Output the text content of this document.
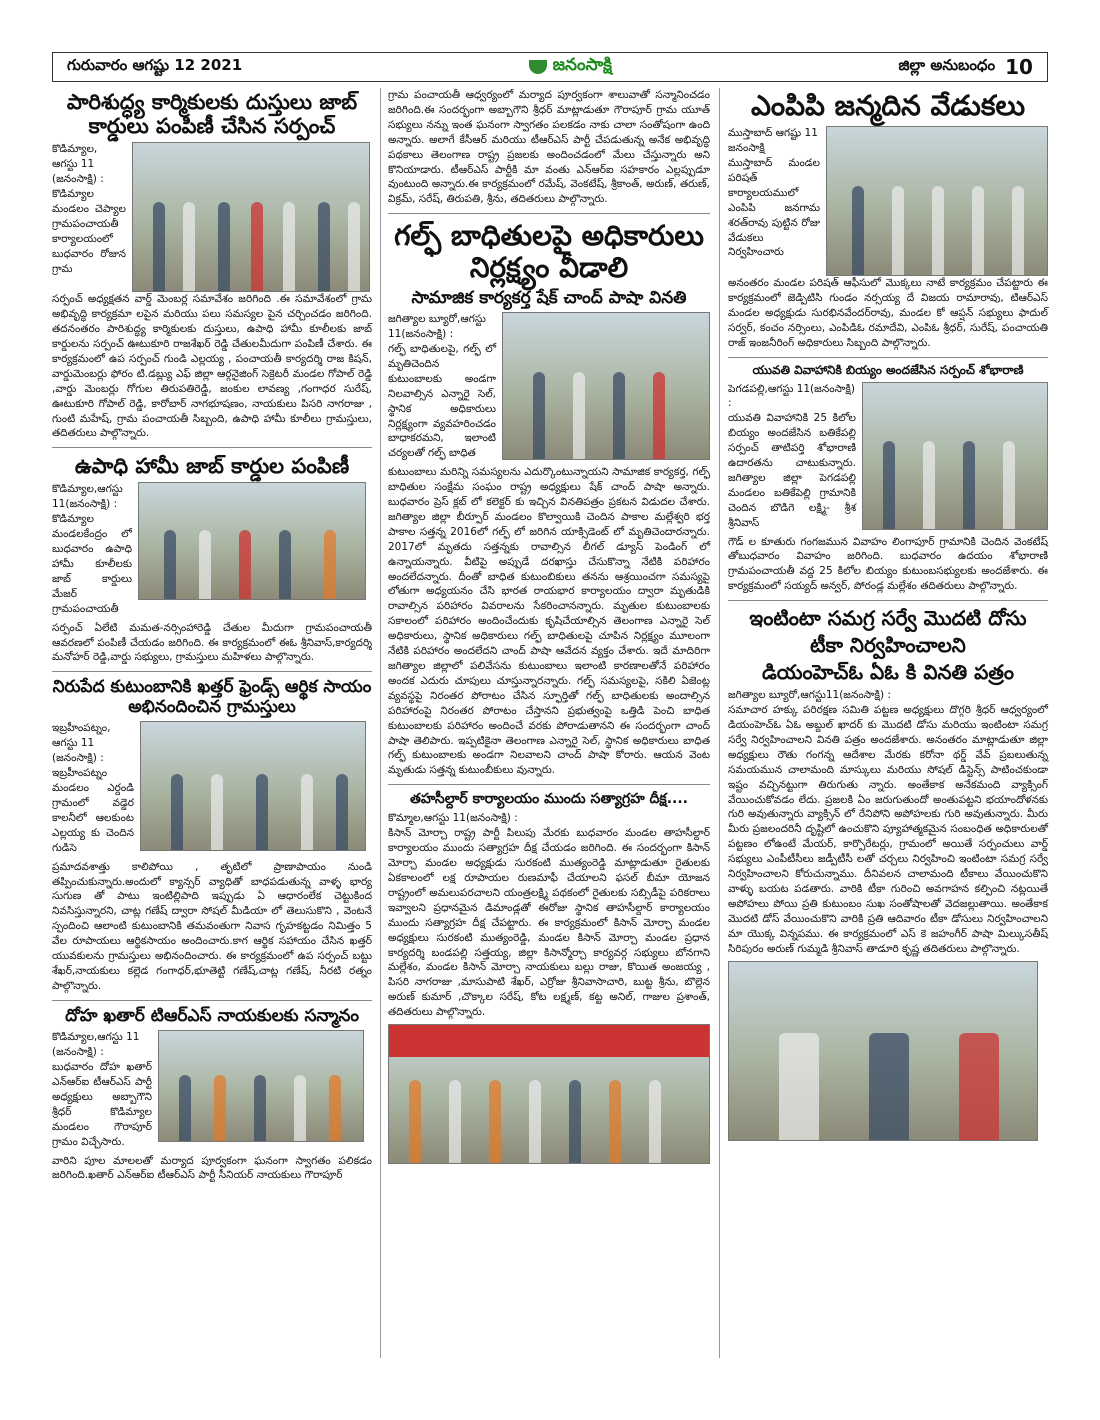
గురువారం ఆగష్టు 12 2021	జనంసాక్షి	జిల్లా అనుబంధం 10
పారిశుద్ధ్య కార్మికులకు దుస్తులు జాబ్ కార్డులు పంపిణీ చేసిన సర్పంచ్
కొడిమ్యాల, ఆగస్టు 11 (జనంసాక్షి) :

కొడిమ్యాల మండలం చెప్యాల గ్రామపంచాయతీ కార్యాలయంలో బుధవారం రోజున గ్రామ

సర్పంచ్ అధ్యక్షతన వార్డ్ మెంబర్ల సమావేశం జరిగింది .ఈ సమావేశంలో గ్రామ అభివృద్ధి కార్యక్రమా లపైన మరియు పలు సమస్యల పైన చర్చించడం జరిగింది. తదనంతరం పారిశుద్ధ్య కార్మికులకు దుస్తులు, ఉపాధి హామీ కూలీలకు జాబ్ కార్డులను సర్పంచ్ ఊటుకూరి రాజశేఖర్ రెడ్డి చేతులమీదుగా పంపిణీ చేశారు. ఈ కార్యక్రమంలో ఉప సర్పంచ్ గుండి ఎల్లయ్య , పంచాయతీ కార్యదర్శి రాజ కిషన్, వార్డుమెంబర్లు ఫోరం టి.డబ్ల్యు ఎఫ్ జిల్లా ఆర్గనైజింగ్ సెక్రెటరీ మండల గోపాల్ రెడ్డి ,వార్డు మెంబర్లు గోగుల తిరుపతిరెడ్డి, జంకుల లావణ్య ,గంగాధర సురేష్, ఊటుకూరి గోపాల్ రెడ్డి, కారోబార్ నాగభూషణం, నాయకులు పిసరి నాగరాజు , గుంటి మహేష్, గ్రామ పంచాయతీ సిబ్బంది, ఉపాధి హామీ కూలీలు గ్రామస్తులు, తదితరులు పాల్గొన్నారు.

ఉపాధి హామీ జాబ్ కార్డుల పంపిణీ
కొడిమ్యాల,ఆగస్టు 11(జనంసాక్షి) :

కొడిమ్యాల మండలకేంద్రం లో బుధవారం ఉపాధి హామీ కూలీలకు జాబ్ కార్డులు మేజర్ గ్రామపంచాయతీ

సర్పంచ్ ఏలేటి మమత-నర్సింహారెడ్డి చేతుల మీదుగా గ్రామపంచాయతీ ఆవరణలో పంపిణీ చేయడం జరిగింది. ఈ కార్యక్రమంలో ఈఓ శ్రీనివాస్,కార్యదర్శి మనోహర్ రెడ్డి,వార్డు సభ్యులు, గ్రామస్తులు మహిళలు పాల్గొన్నారు.

నిరుపేద కుటుంబానికి ఖత్తర్ ఫ్రెండ్స్ ఆర్థిక సాయం అభినందించిన గ్రామస్తులు
ఇబ్రహీంపట్నం, ఆగస్టు 11 (జనంసాక్షి) :

ఇబ్రహీంపట్నం మండలం ఎర్దండి గ్రామంలో వడ్డెర కాలనీలో ఆలకుంట ఎల్లయ్య కు చెందిన గుడిసె

ప్రమాదవశాత్తు కాలిపోయి , తృటిలో ప్రాణాపాయం నుండి తప్పించుకున్నారు.అందులో క్యాన్సర్ వ్యాధితో బాధపడుతున్న వాళ్ళ భార్య సుగుణ తో పాటు ఇంటిల్లిపాది ఇప్పుడు ఏ ఆధారంలేక చెట్టుకింద నివసిస్తున్నారని, చాట్ల గణేష్ ద్వారా సోషల్ మీడియా లో తెలుసుకొని , వెంటనే స్పందించి ఆలాంటి కుటుంబానికి తమవంతుగా నివాస గృహకట్టడం నిమిత్తం 5 వేల రూపాయలు ఆర్థికసాయం అందించారు.కాగ ఆర్థిక సహాయం చేసిన ఖత్తర్ యువకులను గ్రామస్తులు అభినందించారు. ఈ కార్యక్రమంలో ఉప సర్పంచ్ బట్టు శేఖర్,నాయకులు కల్లెడ గంగాధర్,భూతెట్టి గణేష్,చాట్ల గణేష్, నీరటి రత్నం పాల్గొన్నారు.

దోహ ఖతార్ టిఆర్ఎస్ నాయకులకు సన్మానం
కొడిమ్యాల,ఆగస్టు 11 (జనంసాక్షి) :

బుధవారం దోహ ఖతార్ ఎన్ఆర్ఐ టీఆర్ఎస్ పార్టీ అధ్యక్షులు అబ్బాగౌని శ్రీధర్ కొడిమ్యాల మండలం గౌరాపూర్ గ్రామం విచ్చేసారు.

వారిని పూల మాలలతో మర్యాద పూర్వకంగా ఘనంగా స్వాగతం పలికడం జరిగింది.ఖతార్ ఎన్ఆర్ఐ టీఆర్ఎస్ పార్టీ సీనియర్ నాయకులు గౌరాపూర్

గ్రామ పంచాయతీ ఆధ్వర్యంలో మర్యాద పూర్వకంగా శాలువాతో సన్మానించడం జరిగింది.ఈ సందర్భంగా అబ్బాగౌని శ్రీధర్ మాట్లాడుతూ గౌరాపూర్ గ్రామ యూత్ సభ్యులు నన్ను ఇంత ఘనంగా స్వాగతం పలకడం నాకు చాలా సంతోషంగా ఉంది అన్నారు. అలాగే కేసీఆర్ మరియు టీఆర్ఎస్ పార్టీ చేపడుతున్న అనేక అభివృద్ధి పథకాలు తెలంగాణ రాష్ట్ర ప్రజలకు అందించడంలో మేలు చేస్తున్నారు అని కొనియాడారు. టీఆర్ఎస్ పార్టీకి మా వంతు ఎన్ఆర్ఐ సహకారం ఎల్లప్పుడూ వుంటుంది అన్నారు.ఈ కార్యక్రమంలో రమేష్, వెంకటేష్, శ్రీకాంత్, అరుణ్, తరుణ్, విక్రమ్, సరేష్, తిరుపతి, శ్రీను, తదితరులు పాల్గొన్నారు.

గల్ఫ్ బాధితులపై అధికారులు నిర్లక్ష్యం వీడాలి
సామాజిక కార్యకర్త షేక్ చాంద్ పాషా వినతి
జగిత్యాల బ్యూరో,ఆగస్టు 11(జనంసాక్షి) :

గల్ఫ్ బాధితులపై, గల్ఫ్ లో మృతిచెందిన కుటుంబాలకు అండగా నిలవాల్సిన ఎన్నారై సెల్, స్థానిక అధికారులు నిర్లక్ష్యంగా వ్యవహరించడం బాధాకరమని, ఇలాంటి చర్యలతో గల్ఫ్ బాధిత

కుటుంబాలు మరిన్ని సమస్యలను ఎదుర్కొంటున్నాయని సామాజిక కార్యకర్త, గల్ఫ్ బాధితుల సంక్షేమ సంఘం రాష్ట్ర అధ్యక్షులు షేక్ చాంద్ పాషా అన్నారు. బుధవారం ప్రెస్ క్లబ్ లో కలెక్టర్ కు ఇచ్చిన వినతిపత్రం ప్రకటన విడుదల చేశారు. జగిత్యాల జిల్లా బీర్పూర్ మండలం కొల్వాయికి చెందిన పాకాల మల్లేశ్వరి భర్త పాకాల సత్తన్న 2016లో గల్ఫ్ లో జరిగిన యాక్సిడెంట్ లో మృతిచెందారన్నారు. 2017లో మృతదు సత్తన్నకు రావాల్సిన లీగల్ డ్యూస్ పెండింగ్ లో ఉన్నాయన్నారు. వీటిపై అప్పుడే దరఖాస్తు చేసుకొన్నా నేటికి పరిహారం అందలేదన్నారు. దీంతో బాధిత కుటుంబికులు తనను ఆశ్రయించగా సమస్యపై లోతుగా అధ్యయనం చేసి భారత రాయభార కార్యాలయం ద్వారా మృతుడికి రావాల్సిన పరిహారం వివరాలను సేకరించానన్నారు. మృతుల కుటుంబాలకు సకాలంలో పరిహారం అందించేందుకు కృషిచేయాల్సిన తెలంగాణ ఎన్నారై సెల్ అధికారులు, స్థానిక అధికారులు గల్ఫ్ బాధితులపై చూపిన నిర్లక్ష్యం మూలంగా నేటికి పరిహారం అందలేదని చాంద్ పాషా ఆవేదన వ్యక్తం చేశారు. ఇదే మాదిరిగా జగిత్యాల జిల్లాలో పలివేసను కుటుంబాలు ఇలాంటి కారణాలతోనే పరిహారం అందక ఎదురు చూపులు చూస్తున్నారన్నారు. గల్ఫ్ సమస్యలపై, సకిలి ఏజెంట్ల వ్యవస్థపై నిరంతర పోరాటం చేసిన స్ఫూర్తితో గల్ఫ్ బాధితులకు అందాల్సిన పరిహారంపై నిరంతర పోరాటం చేస్తానని ప్రభుత్వంపై ఒత్తిడి పెంచి బాధిత కుటుంబాలకు పరిహారం అందించే వరకు పోరాడుతానని ఈ సందర్భంగా చాంద్ పాషా తెలిపారు. ఇప్పటికైనా తెలంగాణ ఎన్నారై సెల్, స్థానిక అధికారులు బాధిత గల్ఫ్ కుటుంబాలకు అండగా నిలవాలని చాంద్ పాషా కోరారు. ఆయన వెంట మృతుడు సత్తన్న కుటుంబీకులు వున్నారు.

తహసీల్దార్ కార్యాలయం ముందు సత్యాగ్రహ దీక్ష....
కొమ్మాల,ఆగస్టు 11(జనంసాక్షి) :

కిసాన్ మోర్చా రాష్ట్ర పార్టీ పిలుపు మేరకు బుధవారం మండల తాహసీల్దార్ కార్యాలయం ముందు సత్యాగ్రహ దీక్ష చేయడం జరిగింది. ఈ సందర్భంగా కిసాన్ మోర్చా మండల అధ్యక్షుడు సురకంటి ముత్యంరెడ్డి మాట్లాడుతూ రైతులకు ఏకకాలంలో లక్ష రూపాయల రుణమాఫీ చేయాలని ఫసల్ బీమా యోజన రాష్ట్రంలో అమలుపరచాలని యంత్రలక్ష్మి పథకంలో రైతులకు సబ్సిడీపై పరికరాలు ఇవ్వాలని ప్రధానమైన డిమాండ్లతో ఈరోజు స్థానిక తాహసీల్దార్ కార్యాలయం ముందు సత్యాగ్రహ దీక్ష చేపట్టారు. ఈ కార్యక్రమంలో కిసాన్ మోర్చా మండల అధ్యక్షులు సురకంటి ముత్యంరెడ్డి, మండల కిసాన్ మోర్చా మండల ప్రధాన కార్యదర్శి బండపల్లి సత్తయ్య, జిల్లా కిసాన్మోర్చా కార్యవర్గ సభ్యులు బోనగాని మల్లేశం, మండల కిసాన్ మోర్చా నాయకులు బల్లు రాజు, కొయిత అంజయ్య , పిసరి నాగరాజు ,మాసుపాటి శేఖర్, ఎర్రోజు శ్రీనివాసాచారి, బుట్ట శ్రీను, బొల్లెన అరుణ్ కుమార్ ,చొక్కాల సరేష్, కోట లక్ష్మణ్, కట్ట అనిల్, గాజుల ప్రశాంత్, తదితరులు పాల్గొన్నారు.

ఎంపిపి జన్మదిన వేడుకలు
ముస్తాబాద్ ఆగష్టు 11 జనంసాక్షి

ముస్తాబాద్ మండల పరిషత్ కార్యాలయములో ఎంపిపి జనగామ శరత్‌రావు పుట్టిన రోజు వేడుకలు నిర్వహించారు

అనంతరం మండల పరిషత్ ఆఫీసులో మొక్కలు నాటే కార్యక్రమం చేపట్టారు ఈ కార్యక్రమంలో జెడ్పిటిసి గుండం నర్సయ్య దే విజయ రామారావు, టిఆర్ఎస్ మండల అధ్యక్షుడు సురభినవేందర్‌రావు, మండల కో ఆప్షన్ సభ్యులు ఫాదుల్ సర్వర్, కంచం నర్సింలు, ఎంపిడిఓ రమాదేవి, ఎంపిఓ శ్రీధర్, సురేష్, పంచాయతి రాజ్ ఇంజనీరింగ్ అధికారులు సిబ్బంది పాల్గొన్నారు.

యువతి వివాహానికి బియ్యం అందజేసిన సర్పంచ్ శోభారాణి
పెగడపల్లి,ఆగస్టు 11(జనంసాక్షి) :

యువతి వివాహానికి 25 కిలోల బియ్యం అందజేసిన బతికేపల్లి సర్పంచ్ తాటిపర్తి శోభారాణి ఉదారతను చాటుకున్నారు. జగిత్యాల జిల్లా పెగడపల్లి మండలం బతికేపెల్లి గ్రామానికి చెందిన బొడిగె లక్ష్మి- శ్రీశ శ్రీనివాస్

గౌడ్ ల కూతురు గంగజమున వివాహం లింగాపూర్ గ్రామానికి చెందిన వెంకటేష్ తోబుధవారం వివాహం జరిగింది. బుధవారం ఉదయం శోభారాణి గ్రామపంచాయతీ వద్ద 25 కిలోల బియ్యం కుటుంబసభ్యులకు అందజేశారు. ఈ కార్యక్రమంలో సయ్యద్ అన్వర్, పోరండ్ల మల్లేశం తదితరులు పాల్గొన్నారు.

ఇంటింటా సమగ్ర సర్వే మొదటి దోసు
టీకా నిర్వహించాలని
డియంహెచ్ఓ ఏఓ కి వినతి పత్రం
జగిత్యాల బ్యూరో,ఆగస్టు11(జనంసాక్షి) :

సమాచార హక్కు పరిరక్షణ సమితి పట్టణ అధ్యక్షులు దొగ్గరి శ్రీధర్ ఆధ్వర్యంలో డియంహెచ్ఓ ఏఓ అబ్దుల్ ఖాదర్ కు మొదటి డోసు మరియు ఇంటింటా సమగ్ర సర్వే నిర్వహించాలని వినతి పత్రం అందజేశారు. అనంతరం మాట్లాడుతూ జిల్లా అధ్యక్షులు రౌతు గంగన్న ఆదేశాల మేరకు కరోనా థర్డ్ వేవ్ ప్రబలుతున్న సమయమున చాలామంది మాస్కులు మరియు సోషల్ డిస్టెన్స్ పాటించకుండా ఇష్టం వచ్చినట్టుగా తిరుగుతు న్నారు. అంతేకాక అనేకమంది వ్యాక్సింగ్ వేయించుకోవడం లేదు. ప్రజలకి ఏం జరుగుతుందో అంతుపట్టని భయాందోళనకు గురి అవుతున్నారు వ్యాక్సిన్ లో రేనిపోని అపోహలకు గురి అవుతున్నారు. మీరు మీరు ప్రజలందరినీ దృష్టిలో ఉంచుకొని ప్యూహాత్మకమైన సంబంధిత అధికారులతో పట్టణం లోఉంటే మేయర్, కార్పొరేటర్లు, గ్రామంలో అయితే సర్పంచులు వార్డ్ సభ్యులు ఎంపీటీసీలు జడ్పీటీసీ లతో చర్చలు నిర్వహించి ఇంటింటా సమగ్ర సర్వే నిర్వహించాలని కోరుచున్నాము. దీనివలన చాలామంది టీకాలు వేయించుకొని వాళ్ళు బయట పడతారు. వారికి టీకా గురించి అవగాహన కల్పించి నట్లయితే అపోహలు పోయి ప్రతి కుటుంబం సుఖ సంతోషాలతో వెదజల్లుతాయి. అంతేకాక మొదటి డోస్ వేయించుకొని వారికి ప్రతి ఆదివారం టీకా డోసులు నిర్వహించాలని మా యొక్క విన్నపము. ఈ కార్యక్రమంలో ఎస్ కె జహంగీర్ పాషా మిల్కుసతీష్ సిరిపురం అరుణ్ గుమ్మడి శ్రీనివాస్ తాడూరి కృష్ణ తదితరులు పాల్గొన్నారు.
